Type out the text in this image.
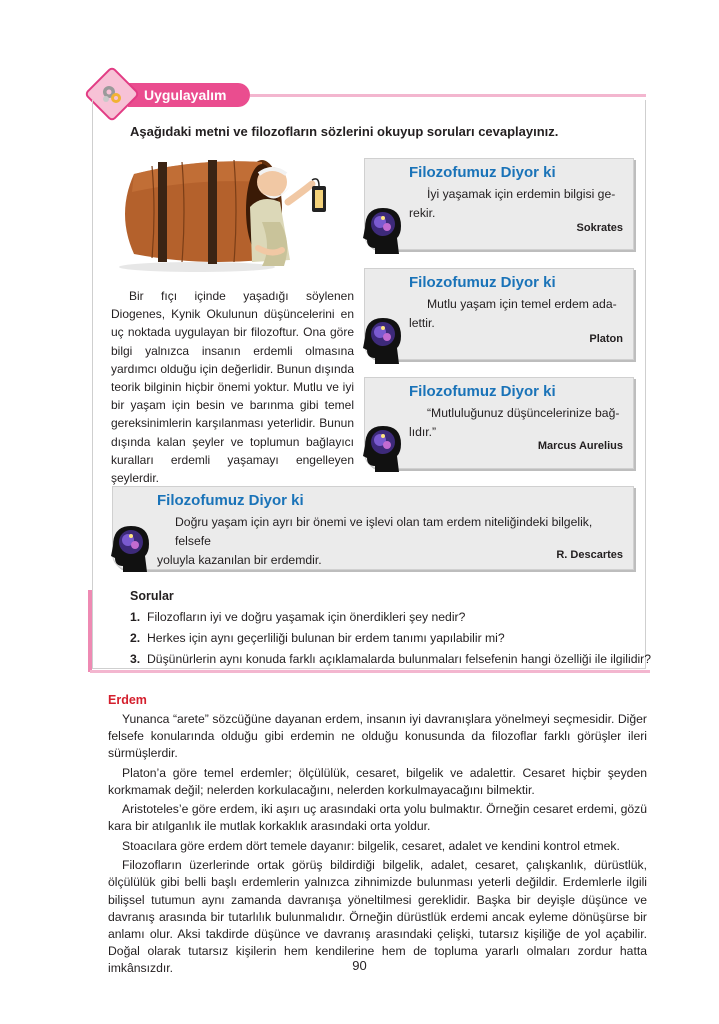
Uygulayalım
Aşağıdaki metni ve filozofların sözlerini okuyup soruları cevaplayınız.
Bir fıçı içinde yaşadığı söylenen Diogenes, Kynik Okulunun düşüncelerini en uç noktada uygulayan bir filozoftur. Ona göre bilgi yalnızca insanın erdemli olmasına yardımcı olduğu için değerlidir. Bunun dışında teorik bilginin hiçbir önemi yoktur. Mutlu ve iyi bir yaşam için besin ve barınma gibi temel gereksinimlerin karşılanması yeterlidir. Bunun dışında kalan şeyler ve toplumun bağlayıcı kuralları erdemli yaşamayı engelleyen şeylerdir.
Filozofumuz Diyor ki
İyi yaşamak için erdemin bilgisi ge-
rekir.
Sokrates
Filozofumuz Diyor ki
Mutlu yaşam için temel erdem ada-
lettir.
Platon
Filozofumuz Diyor ki
“Mutluluğunuz düşüncelerinize bağ-
lıdır.”
Marcus Aurelius
Filozofumuz Diyor ki
Doğru yaşam için ayrı bir önemi ve işlevi olan tam erdem niteliğindeki bilgelik, felsefe
yoluyla kazanılan bir erdemdir.	R. Descartes
Sorular
1. Filozofların iyi ve doğru yaşamak için önerdikleri şey nedir?
2. Herkes için aynı geçerliliği bulunan bir erdem tanımı yapılabilir mi?
3. Düşünürlerin aynı konuda farklı açıklamalarda bulunmaları felsefenin hangi özelliği ile ilgilidir?
Erdem

Yunanca “arete” sözcüğüne dayanan erdem, insanın iyi davranışlara yönelmeyi seçmesidir. Diğer felsefe konularında olduğu gibi erdemin ne olduğu konusunda da filozoflar farklı görüşler ileri sürmüşlerdir.

Platon’a göre temel erdemler; ölçülülük, cesaret, bilgelik ve adalettir. Cesaret hiçbir şeyden korkmamak değil; nelerden korkulacağını, nelerden korkulmayacağını bilmektir.

Aristoteles’e göre erdem, iki aşırı uç arasındaki orta yolu bulmaktır. Örneğin cesaret erdemi, gözü kara bir atılganlık ile mutlak korkaklık arasındaki orta yoldur.

Stoacılara göre erdem dört temele dayanır: bilgelik, cesaret, adalet ve kendini kontrol etmek.

Filozofların üzerlerinde ortak görüş bildirdiği bilgelik, adalet, cesaret, çalışkanlık, dürüstlük, ölçülülük gibi belli başlı erdemlerin yalnızca zihnimizde bulunması yeterli değildir. Erdemlerle ilgili bilişsel tutumun aynı zamanda davranışa yöneltilmesi gereklidir. Başka bir deyişle düşünce ve davranış arasında bir tutarlılık bulunmalıdır. Örneğin dürüstlük erdemi ancak eyleme dönüşürse bir anlamı olur. Aksi takdirde düşünce ve davranış arasındaki çelişki, tutarsız kişiliğe de yol açabilir. Doğal olarak tutarsız kişilerin hem kendilerine hem de topluma yararlı olmaları zordur hatta imkânsızdır.	90
